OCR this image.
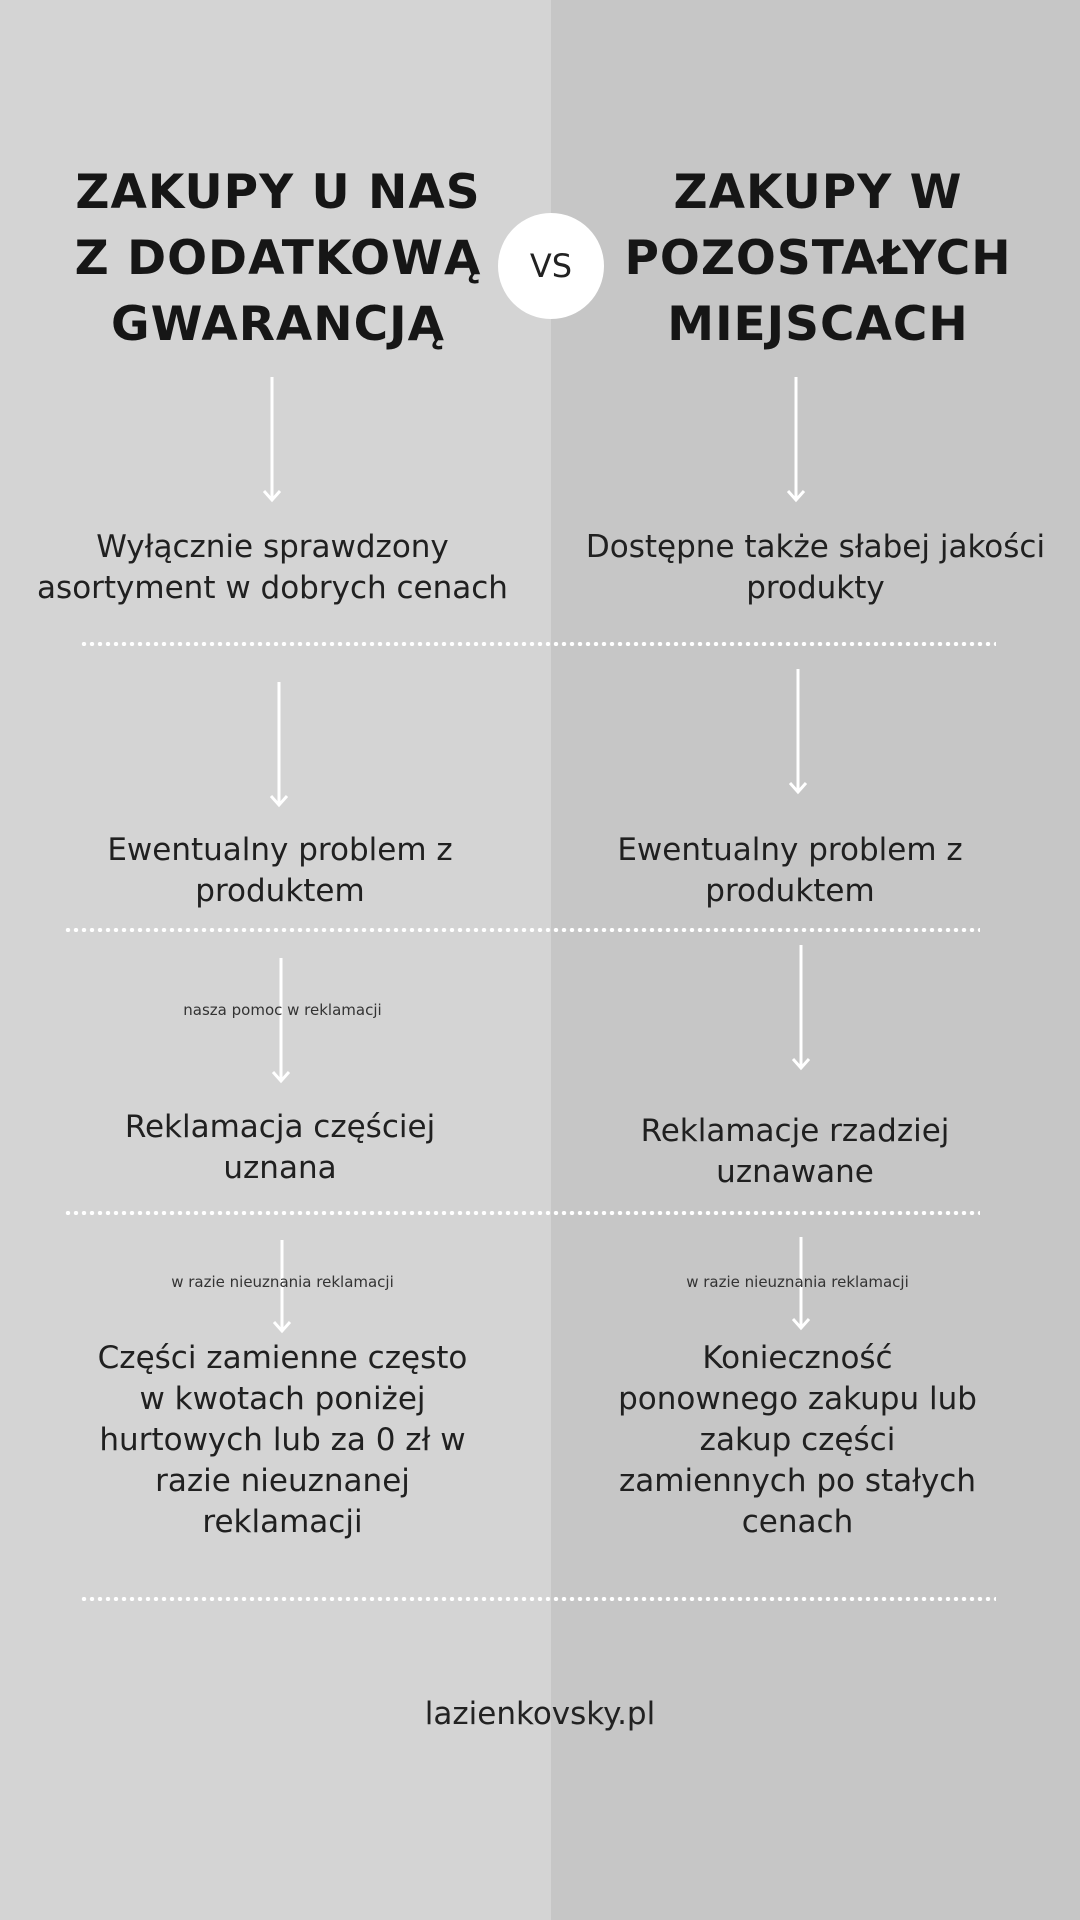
ZAKUPY U NAS
Z DODATKOWĄ
GWARANCJĄ
ZAKUPY W
POZOSTAŁYCH
MIEJSCACH
VS
Wyłącznie sprawdzony
asortyment w dobrych cenach
Dostępne także słabej jakości
produkty
Ewentualny problem z
produktem
Ewentualny problem z
produktem
nasza pomoc w reklamacji
Reklamacja częściej
uznana
Reklamacje rzadziej
uznawane
w razie nieuznania reklamacji	w razie nieuznania reklamacji
Części zamienne często
w kwotach poniżej
hurtowych lub za 0 zł w
razie nieuznanej
reklamacji
Konieczność
ponownego zakupu lub
zakup części
zamiennych po stałych
cenach
lazienkovsky.pl
